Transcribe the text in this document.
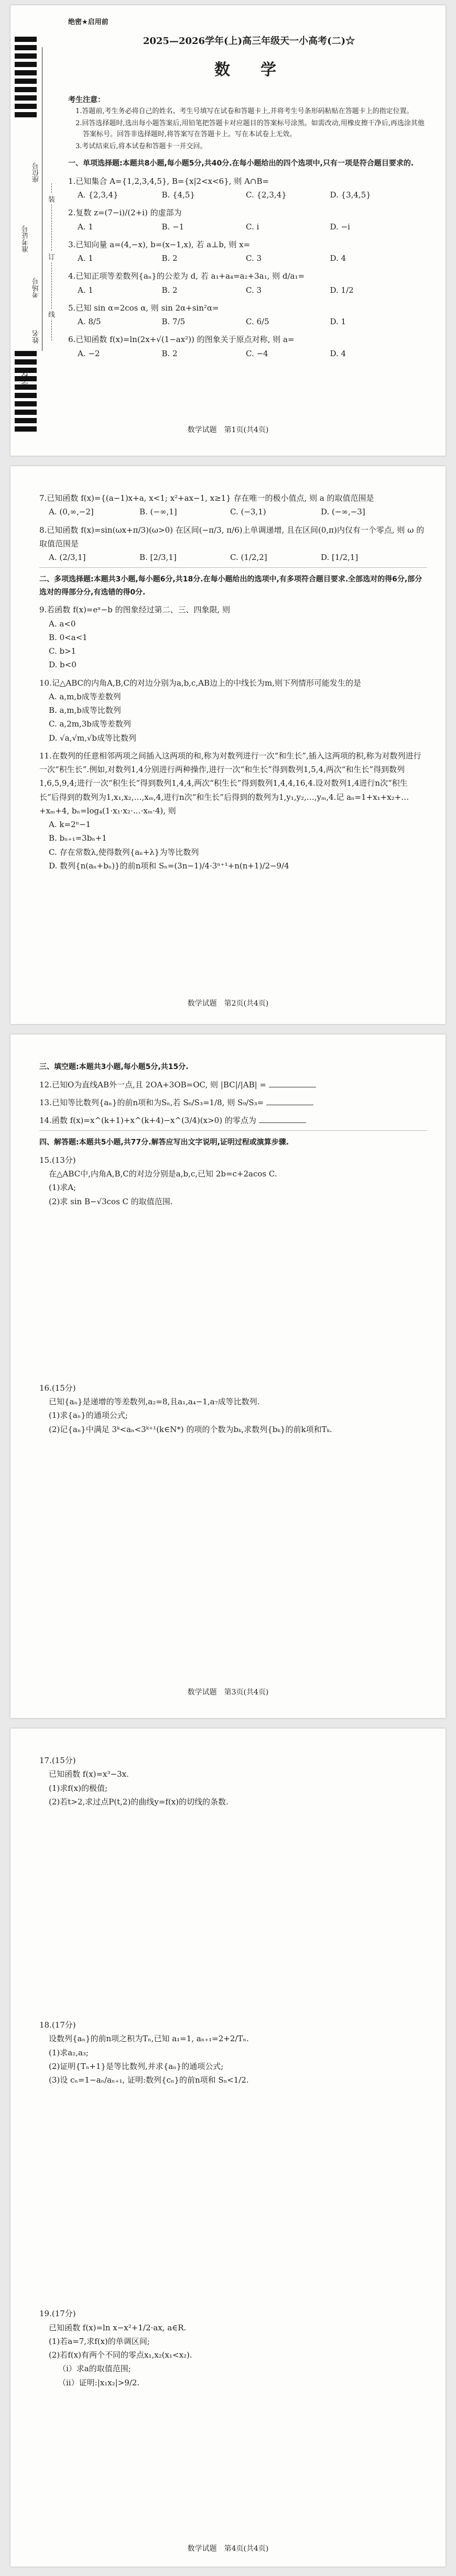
座位号
准考证号
考场号
姓名
装
订
线
绝密★启用前
2025—2026学年(上)高三年级天一小高考(二)☆
数　学
考生注意：

1.答题前,考生务必将自己的姓名、考生号填写在试卷和答题卡上,并将考生号条形码粘贴在答题卡上的指定位置。

2.回答选择题时,选出每小题答案后,用铅笔把答题卡对应题目的答案标号涂黑。如需改动,用橡皮擦干净后,再选涂其他答案标号。回答非选择题时,将答案写在答题卡上。写在本试卷上无效。

3.考试结束后,将本试卷和答题卡一并交回。

一、单项选择题:本题共8小题,每小题5分,共40分.在每小题给出的四个选项中,只有一项是符合题目要求的.
1.已知集合 A={1,2,3,4,5}, B={x|2<x<6}, 则 A∩B=
A. {2,3,4}	B. {4,5}	C. {2,3,4}	D. {3,4,5}
2.复数 z=(7−i)/(2+i) 的虚部为
A. 1	B. −1	C. i	D. −i
3.已知向量 a=(4,−x), b=(x−1,x), 若 a⊥b, 则 x=
A. 1	B. 2	C. 3	D. 4
4.已知正项等差数列{aₙ}的公差为 d, 若 a₁+a₄=a₂+3a₁, 则 d/a₁=
A. 1	B. 2	C. 3	D. 1/2
5.已知 sin α=2cos α, 则 sin 2α+sin²α=
A. 8/5	B. 7/5	C. 6/5	D. 1
6.已知函数 f(x)=ln(2x+√(1−ax²)) 的图象关于原点对称, 则 a=
A. −2	B. 2	C. −4	D. 4
数学试题　第1页(共4页)
7.已知函数 f(x)={(a−1)x+a, x<1; x²+ax−1, x≥1} 存在唯一的极小值点, 则 a 的取值范围是
A. (0,∞,−2]	B. (−∞,1]	C. (−3,1)	D. (−∞,−3]
8.已知函数 f(x)=sin(ωx+π/3)(ω>0) 在区间(−π/3, π/6)上单调递增, 且在区间(0,π)内仅有一个零点, 则 ω 的取值范围是
A. (2/3,1]	B. [2/3,1]	C. (1/2,2]	D. [1/2,1]
二、多项选择题:本题共3小题,每小题6分,共18分.在每小题给出的选项中,有多项符合题目要求.全部选对的得6分,部分选对的得部分分,有选错的得0分.
9.若函数 f(x)=eˣ−b 的图象经过第二、三、四象限, 则
A. a<0
B. 0<a<1
C. b>1
D. b<0
10.记△ABC的内角A,B,C的对边分别为a,b,c,AB边上的中线长为m,则下列情形可能发生的是
A. a,m,b成等差数列
B. a,m,b成等比数列
C. a,2m,3b成等差数列
D. √a,√m,√b成等比数列
11.在数列的任意相邻两项之间插入这两项的和,称为对数列进行一次“和生长”,插入这两项的积,称为对数列进行一次“积生长”.例如,对数列1,4分别进行两种操作,进行一次“和生长”得到数列1,5,4,两次“和生长”得到数列1,6,5,9,4;进行一次“积生长”得到数列1,4,4,两次“积生长”得到数列1,4,4,16,4.设对数列1,4进行n次“积生长”后得到的数列为1,x₁,x₂,…,xₘ,4,进行n次“和生长”后得到的数列为1,y₁,y₂,…,yₘ,4.记 aₙ=1+x₁+x₂+…+xₘ+4, bₙ=log₄(1·x₁·x₂·…·xₘ·4), 则
A. k=2ⁿ−1
B. bₙ₊₁=3bₙ+1
C. 存在常数λ,使得数列{aₙ+λ}为等比数列
D. 数列{n(aₙ+bₙ)}的前n项和 Sₙ=(3n−1)/4·3ⁿ⁺¹+n(n+1)/2−9/4
数学试题　第2页(共4页)
三、填空题:本题共3小题,每小题5分,共15分.
12.已知O为直线AB外一点,且 2OA+3OB=OC, 则 |BC|/|AB| =
13.已知等比数列{aₙ}的前n项和为Sₙ,若 S₆/S₃=1/8, 则 S₉/S₃=
14.函数 f(x)=x^(k+1)+x^(k+4)−x^(3/4)(x>0) 的零点为
四、解答题:本题共5小题,共77分.解答应写出文字说明,证明过程或演算步骤.
15.(13分)
在△ABC中,内角A,B,C的对边分别是a,b,c,已知 2b=c+2acos C.
(1)求A;
(2)求 sin B−√3cos C 的取值范围.
16.(15分)
已知{aₙ}是递增的等差数列,a₂=8,且a₁,a₄−1,a₇成等比数列.
(1)求{aₙ}的通项公式;
(2)记{aₙ}中满足 3ᵏ<aₙ<3ᵏ⁺¹(k∈N*) 的项的个数为bₖ,求数列{bₖ}的前k项和Tₖ.
数学试题　第3页(共4页)
17.(15分)
已知函数 f(x)=x³−3x.
(1)求f(x)的极值;
(2)若t>2,求过点P(t,2)的曲线y=f(x)的切线的条数.
18.(17分)
设数列{aₙ}的前n项之积为Tₙ,已知 a₁=1, aₙ₊₁=2+2/Tₙ.
(1)求a₂,a₃;
(2)证明{Tₙ+1}是等比数列,并求{aₙ}的通项公式;
(3)设 cₙ=1−aₙ/aₙ₊₁, 证明:数列{cₙ}的前n项和 Sₙ<1/2.
19.(17分)
已知函数 f(x)=ln x−x²+1/2·ax, a∈R.
(1)若a=7,求f(x)的单调区间;
(2)若f(x)有两个不同的零点x₁,x₂(x₁<x₂).
（i）求a的取值范围;
（ii）证明:|x₁x₂|>9/2.
数学试题　第4页(共4页)
